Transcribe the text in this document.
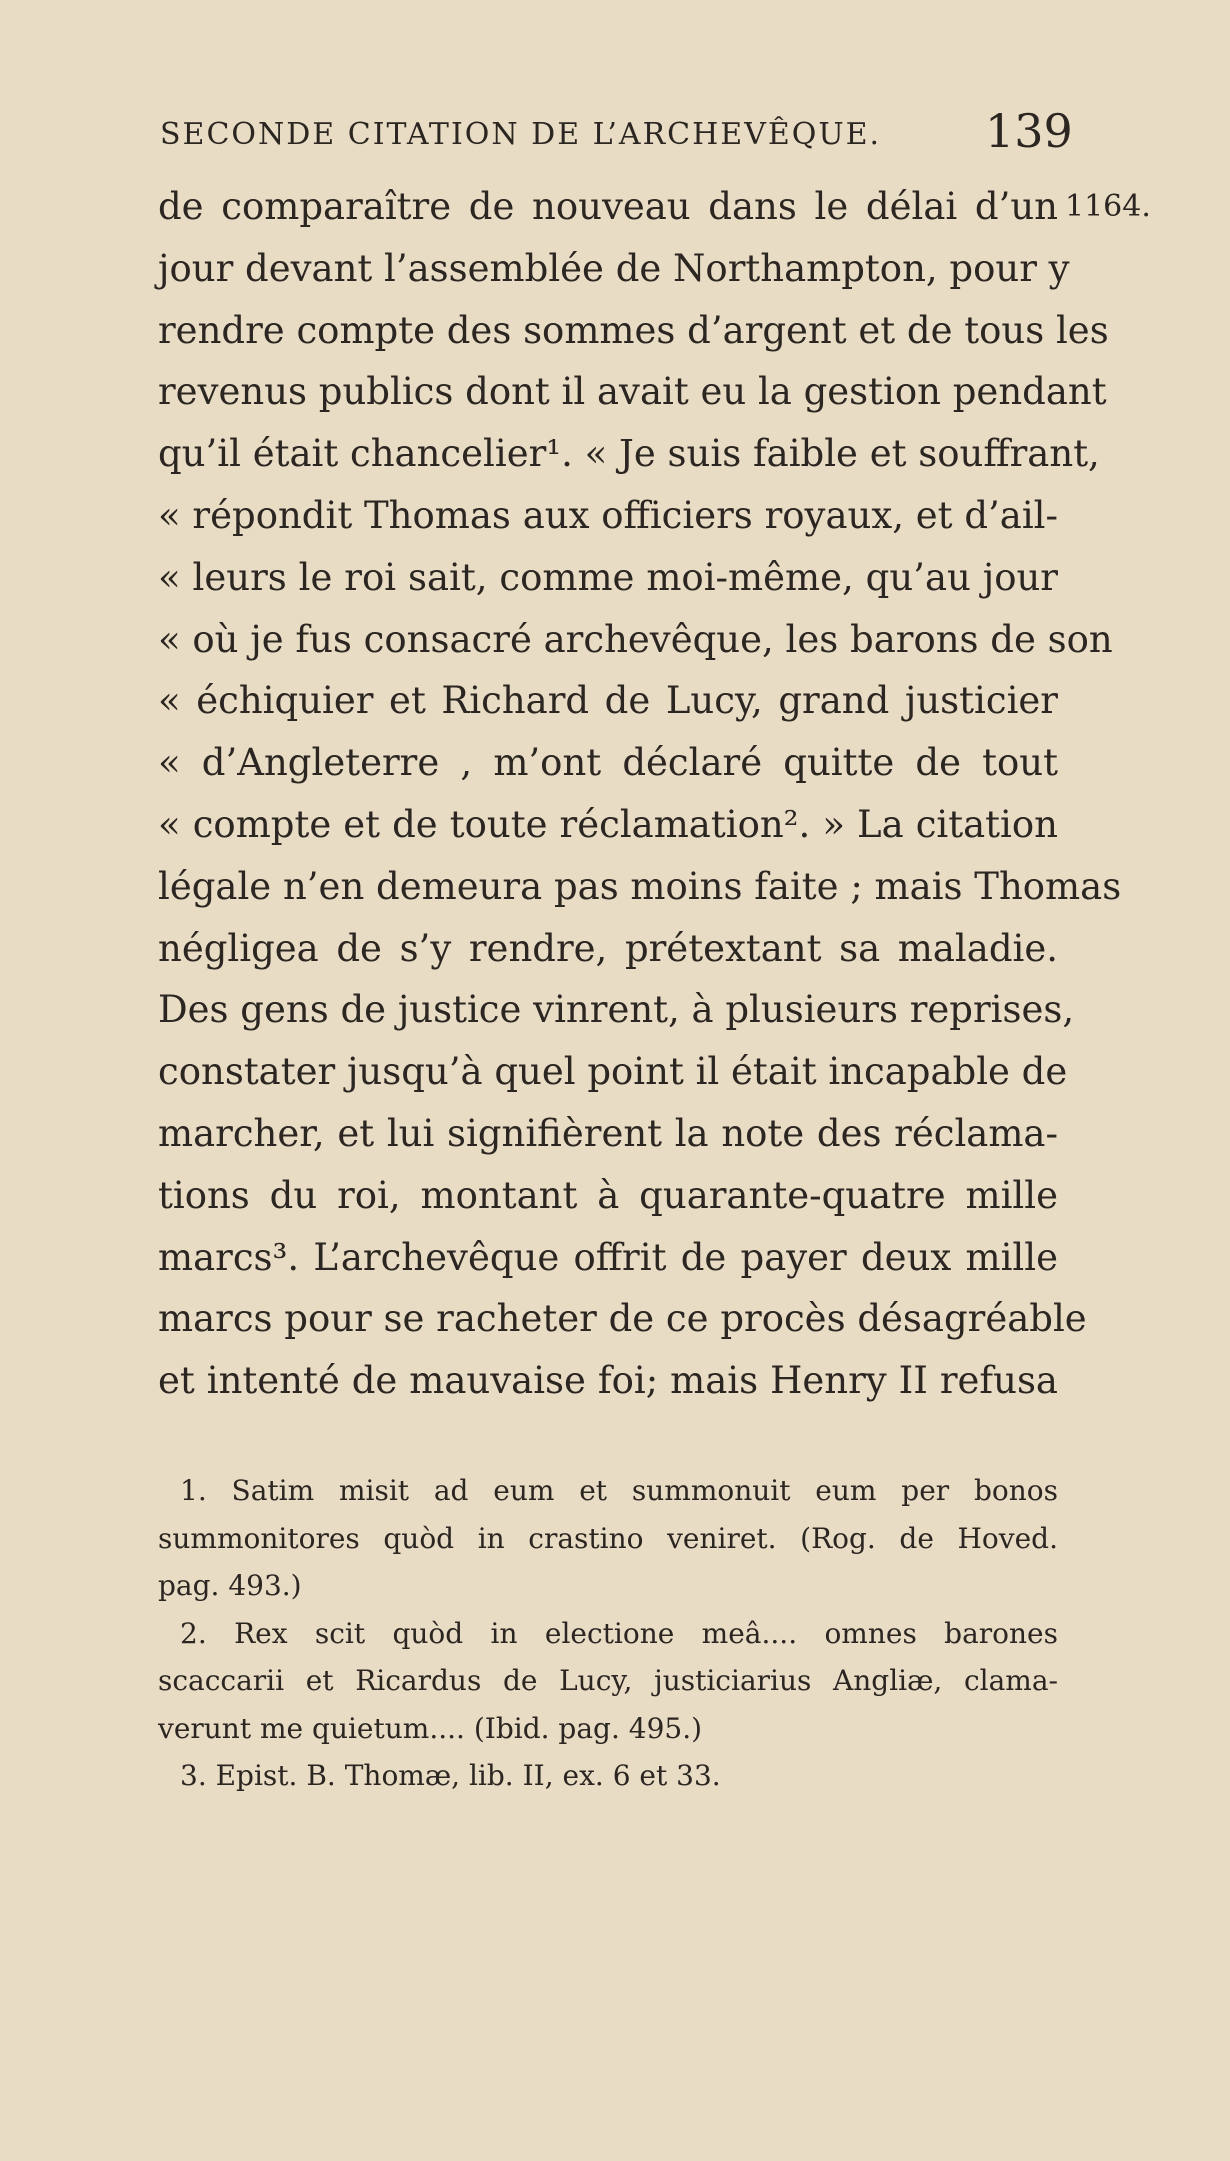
SECONDE CITATION DE L’ARCHEVÊQUE.	139
1164.
de comparaître de nouveau dans le délai d’un
jour devant l’assemblée de Northampton, pour y
rendre compte des sommes d’argent et de tous les
revenus publics dont il avait eu la gestion pendant
qu’il était chancelier¹. « Je suis faible et souffrant,
« répondit Thomas aux officiers royaux, et d’ail-
« leurs le roi sait, comme moi-même, qu’au jour
« où je fus consacré archevêque, les barons de son
« échiquier et Richard de Lucy, grand justicier
« d’Angleterre , m’ont déclaré quitte de tout
« compte et de toute réclamation². » La citation
légale n’en demeura pas moins faite ; mais Thomas
négligea de s’y rendre, prétextant sa maladie.
Des gens de justice vinrent, à plusieurs reprises,
constater jusqu’à quel point il était incapable de
marcher, et lui signifièrent la note des réclama-
tions du roi, montant à quarante-quatre mille
marcs³. L’archevêque offrit de payer deux mille
marcs pour se racheter de ce procès désagréable
et intenté de mauvaise foi; mais Henry II refusa
1. Satim misit ad eum et summonuit eum per bonos
summonitores quòd in crastino veniret. (Rog. de Hoved.
pag. 493.)
2. Rex scit quòd in electione meâ.... omnes barones
scaccarii et Ricardus de Lucy, justiciarius Angliæ, clama-
verunt me quietum.... (Ibid. pag. 495.)
3. Epist. B. Thomæ, lib. II, ex. 6 et 33.
